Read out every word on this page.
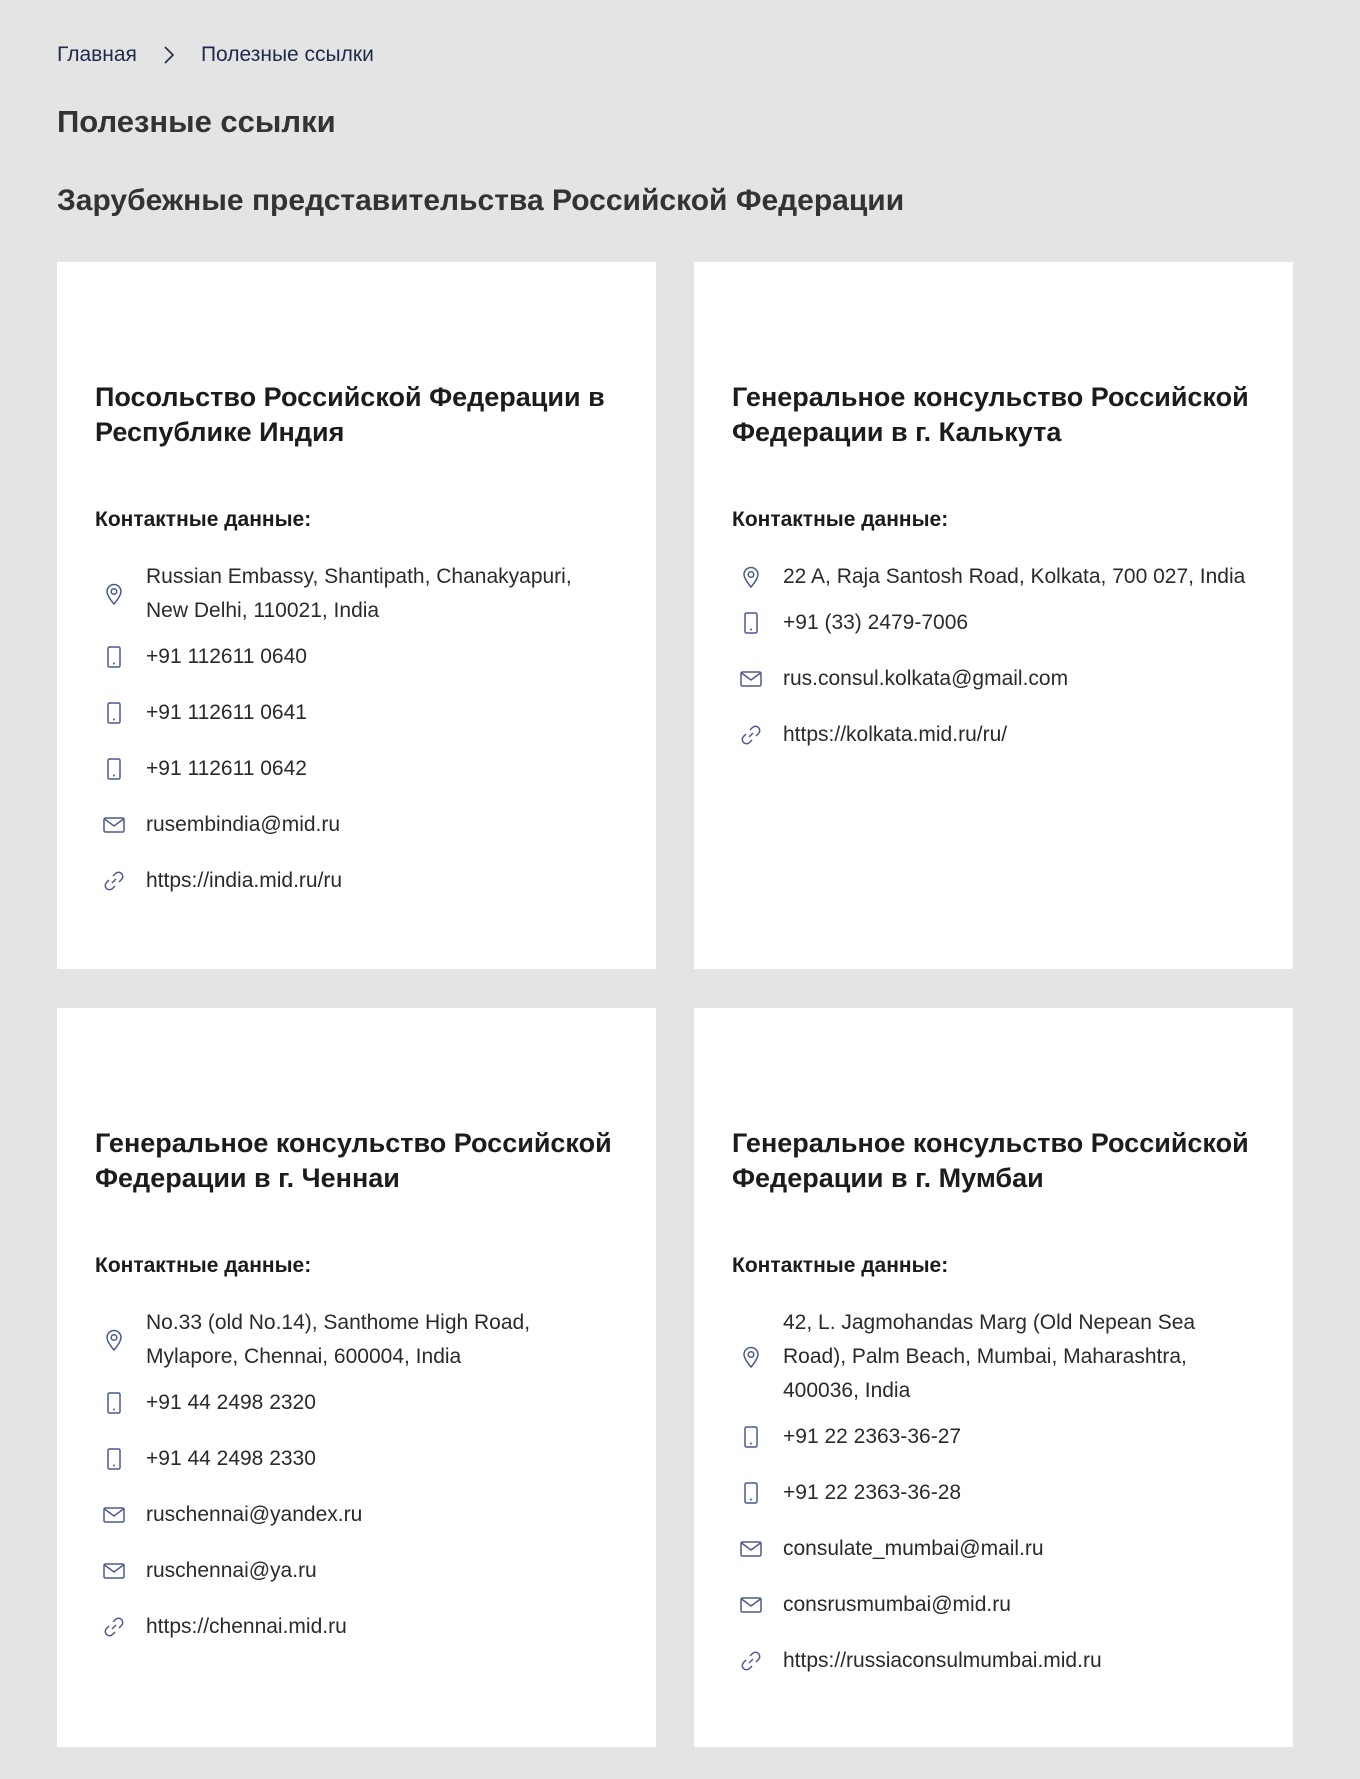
Главная	Полезные ссылки
Полезные ссылки
Зарубежные представительства Российской Федерации
Посольство Российской Федерации в Республике Индия
Контактные данные:
Russian Embassy, Shantipath, Chanakyapuri, New Delhi, 110021, India
+91 112611 0640
+91 112611 0641
+91 112611 0642
rusembindia@mid.ru
https://india.mid.ru/ru
Генеральное консульство Российской Федерации в г. Калькута
Контактные данные:
22 A, Raja Santosh Road, Kolkata, 700 027, India
+91 (33) 2479-7006
rus.consul.kolkata@gmail.com
https://kolkata.mid.ru/ru/
Генеральное консульство Российской Федерации в г. Ченнаи
Контактные данные:
No.33 (old No.14), Santhome High Road, Mylapore, Chennai, 600004, India
+91 44 2498 2320
+91 44 2498 2330
ruschennai@yandex.ru
ruschennai@ya.ru
https://chennai.mid.ru
Генеральное консульство Российской Федерации в г. Мумбаи
Контактные данные:
42, L. Jagmohandas Marg (Old Nepean Sea Road), Palm Beach, Mumbai, Maharashtra, 400036, India
+91 22 2363-36-27
+91 22 2363-36-28
consulate_mumbai@mail.ru
consrusmumbai@mid.ru
https://russiaconsulmumbai.mid.ru
